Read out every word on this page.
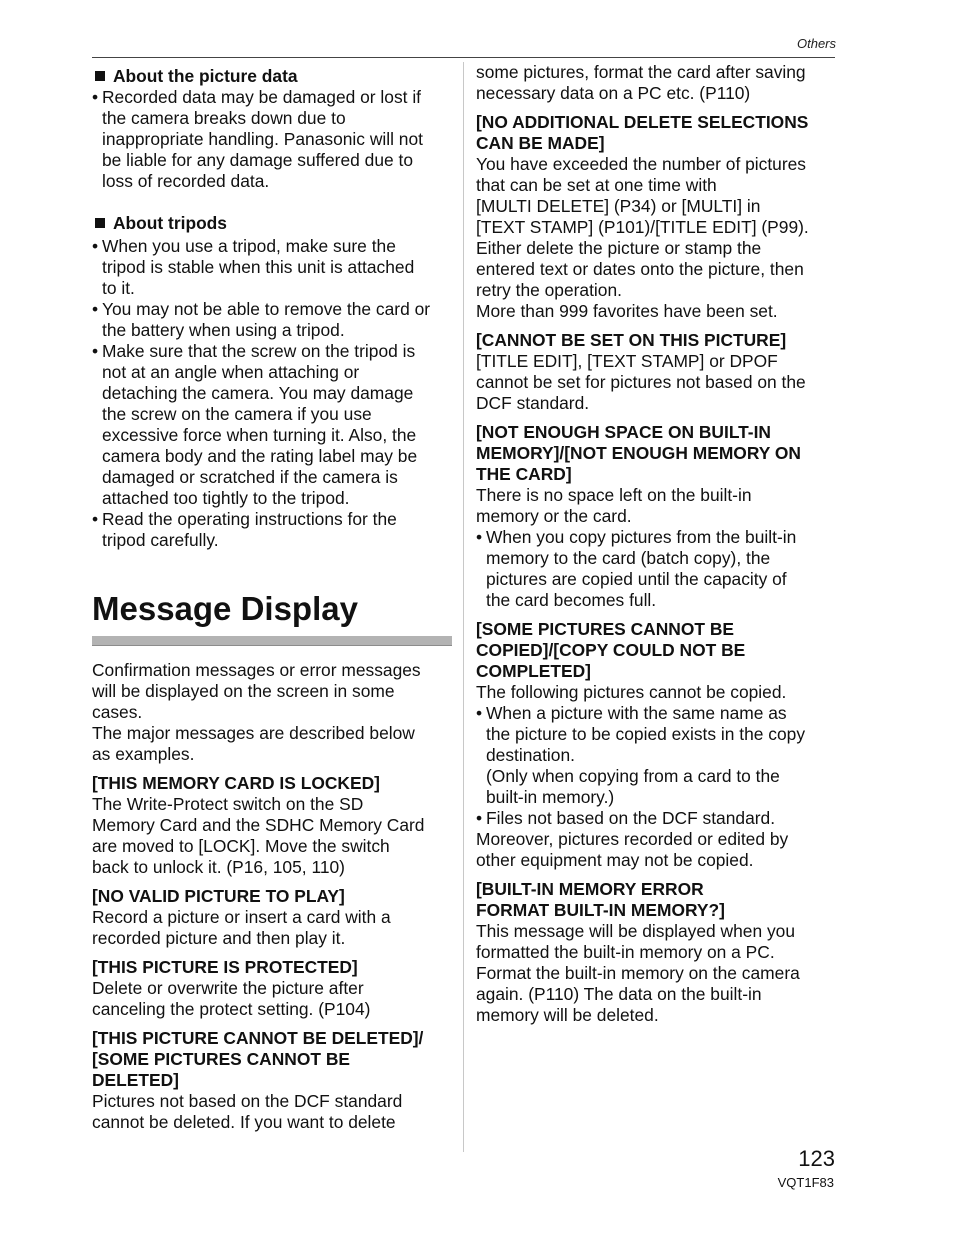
Others
About the picture data
• Recorded data may be damaged or lost if
the camera breaks down due to
inappropriate handling. Panasonic will not
be liable for any damage suffered due to
loss of recorded data.
About tripods
• When you use a tripod, make sure the
tripod is stable when this unit is attached
to it.
• You may not be able to remove the card or
the battery when using a tripod.
• Make sure that the screw on the tripod is
not at an angle when attaching or
detaching the camera. You may damage
the screw on the camera if you use
excessive force when turning it. Also, the
camera body and the rating label may be
damaged or scratched if the camera is
attached too tightly to the tripod.
• Read the operating instructions for the
tripod carefully.
Message Display
Confirmation messages or error messages
will be displayed on the screen in some
cases.
The major messages are described below
as examples.
[THIS MEMORY CARD IS LOCKED]
The Write-Protect switch on the SD
Memory Card and the SDHC Memory Card
are moved to [LOCK]. Move the switch
back to unlock it. (P16, 105, 110)
[NO VALID PICTURE TO PLAY]
Record a picture or insert a card with a
recorded picture and then play it.
[THIS PICTURE IS PROTECTED]
Delete or overwrite the picture after
canceling the protect setting. (P104)
[THIS PICTURE CANNOT BE DELETED]/
[SOME PICTURES CANNOT BE
DELETED]
Pictures not based on the DCF standard
cannot be deleted. If you want to delete
some pictures, format the card after saving
necessary data on a PC etc. (P110)
[NO ADDITIONAL DELETE SELECTIONS
CAN BE MADE]
You have exceeded the number of pictures
that can be set at one time with
[MULTI DELETE] (P34) or [MULTI] in
[TEXT STAMP] (P101)/[TITLE EDIT] (P99).
Either delete the picture or stamp the
entered text or dates onto the picture, then
retry the operation.
More than 999 favorites have been set.
[CANNOT BE SET ON THIS PICTURE]
[TITLE EDIT], [TEXT STAMP] or DPOF
cannot be set for pictures not based on the
DCF standard.
[NOT ENOUGH SPACE ON BUILT-IN
MEMORY]/[NOT ENOUGH MEMORY ON
THE CARD]
There is no space left on the built-in
memory or the card.
• When you copy pictures from the built-in
memory to the card (batch copy), the
pictures are copied until the capacity of
the card becomes full.
[SOME PICTURES CANNOT BE
COPIED]/[COPY COULD NOT BE
COMPLETED]
The following pictures cannot be copied.
• When a picture with the same name as
the picture to be copied exists in the copy
destination.
(Only when copying from a card to the
built-in memory.)
• Files not based on the DCF standard.
Moreover, pictures recorded or edited by
other equipment may not be copied.
[BUILT-IN MEMORY ERROR
FORMAT BUILT-IN MEMORY?]
This message will be displayed when you
formatted the built-in memory on a PC.
Format the built-in memory on the camera
again. (P110) The data on the built-in
memory will be deleted.
123
VQT1F83
